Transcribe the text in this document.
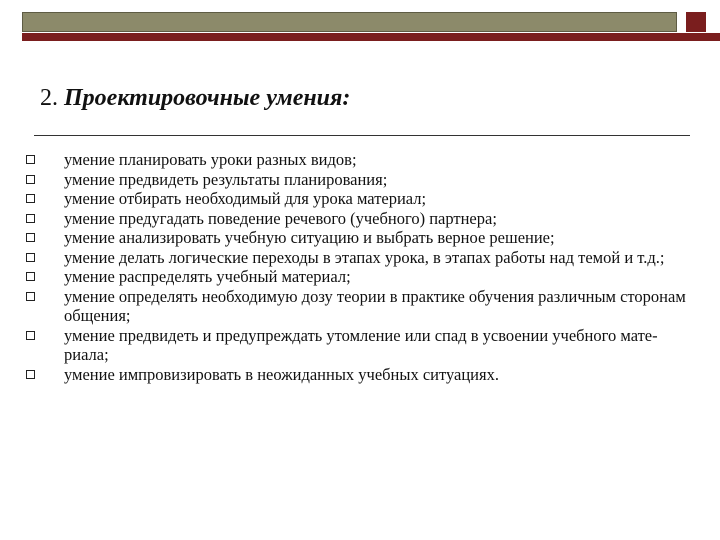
2. Проектировочные умения:
умение планировать уроки разных видов;
умение предвидеть результаты планирования;
умение отбирать необходимый для урока материал;
умение предугадать поведение речевого (учебного) партнера;
умение анализировать учебную ситуацию и выбрать верное решение;
умение делать логические переходы в этапах урока, в этапах работы над темой и т.д.;
умение распределять учебный материал;
умение определять необходимую дозу теории в практике обучения различным сторонам общения;
умение предвидеть и предупреждать утомление или спад в усвоении учебного мате-риала;
умение импровизировать в неожиданных учебных ситуациях.
